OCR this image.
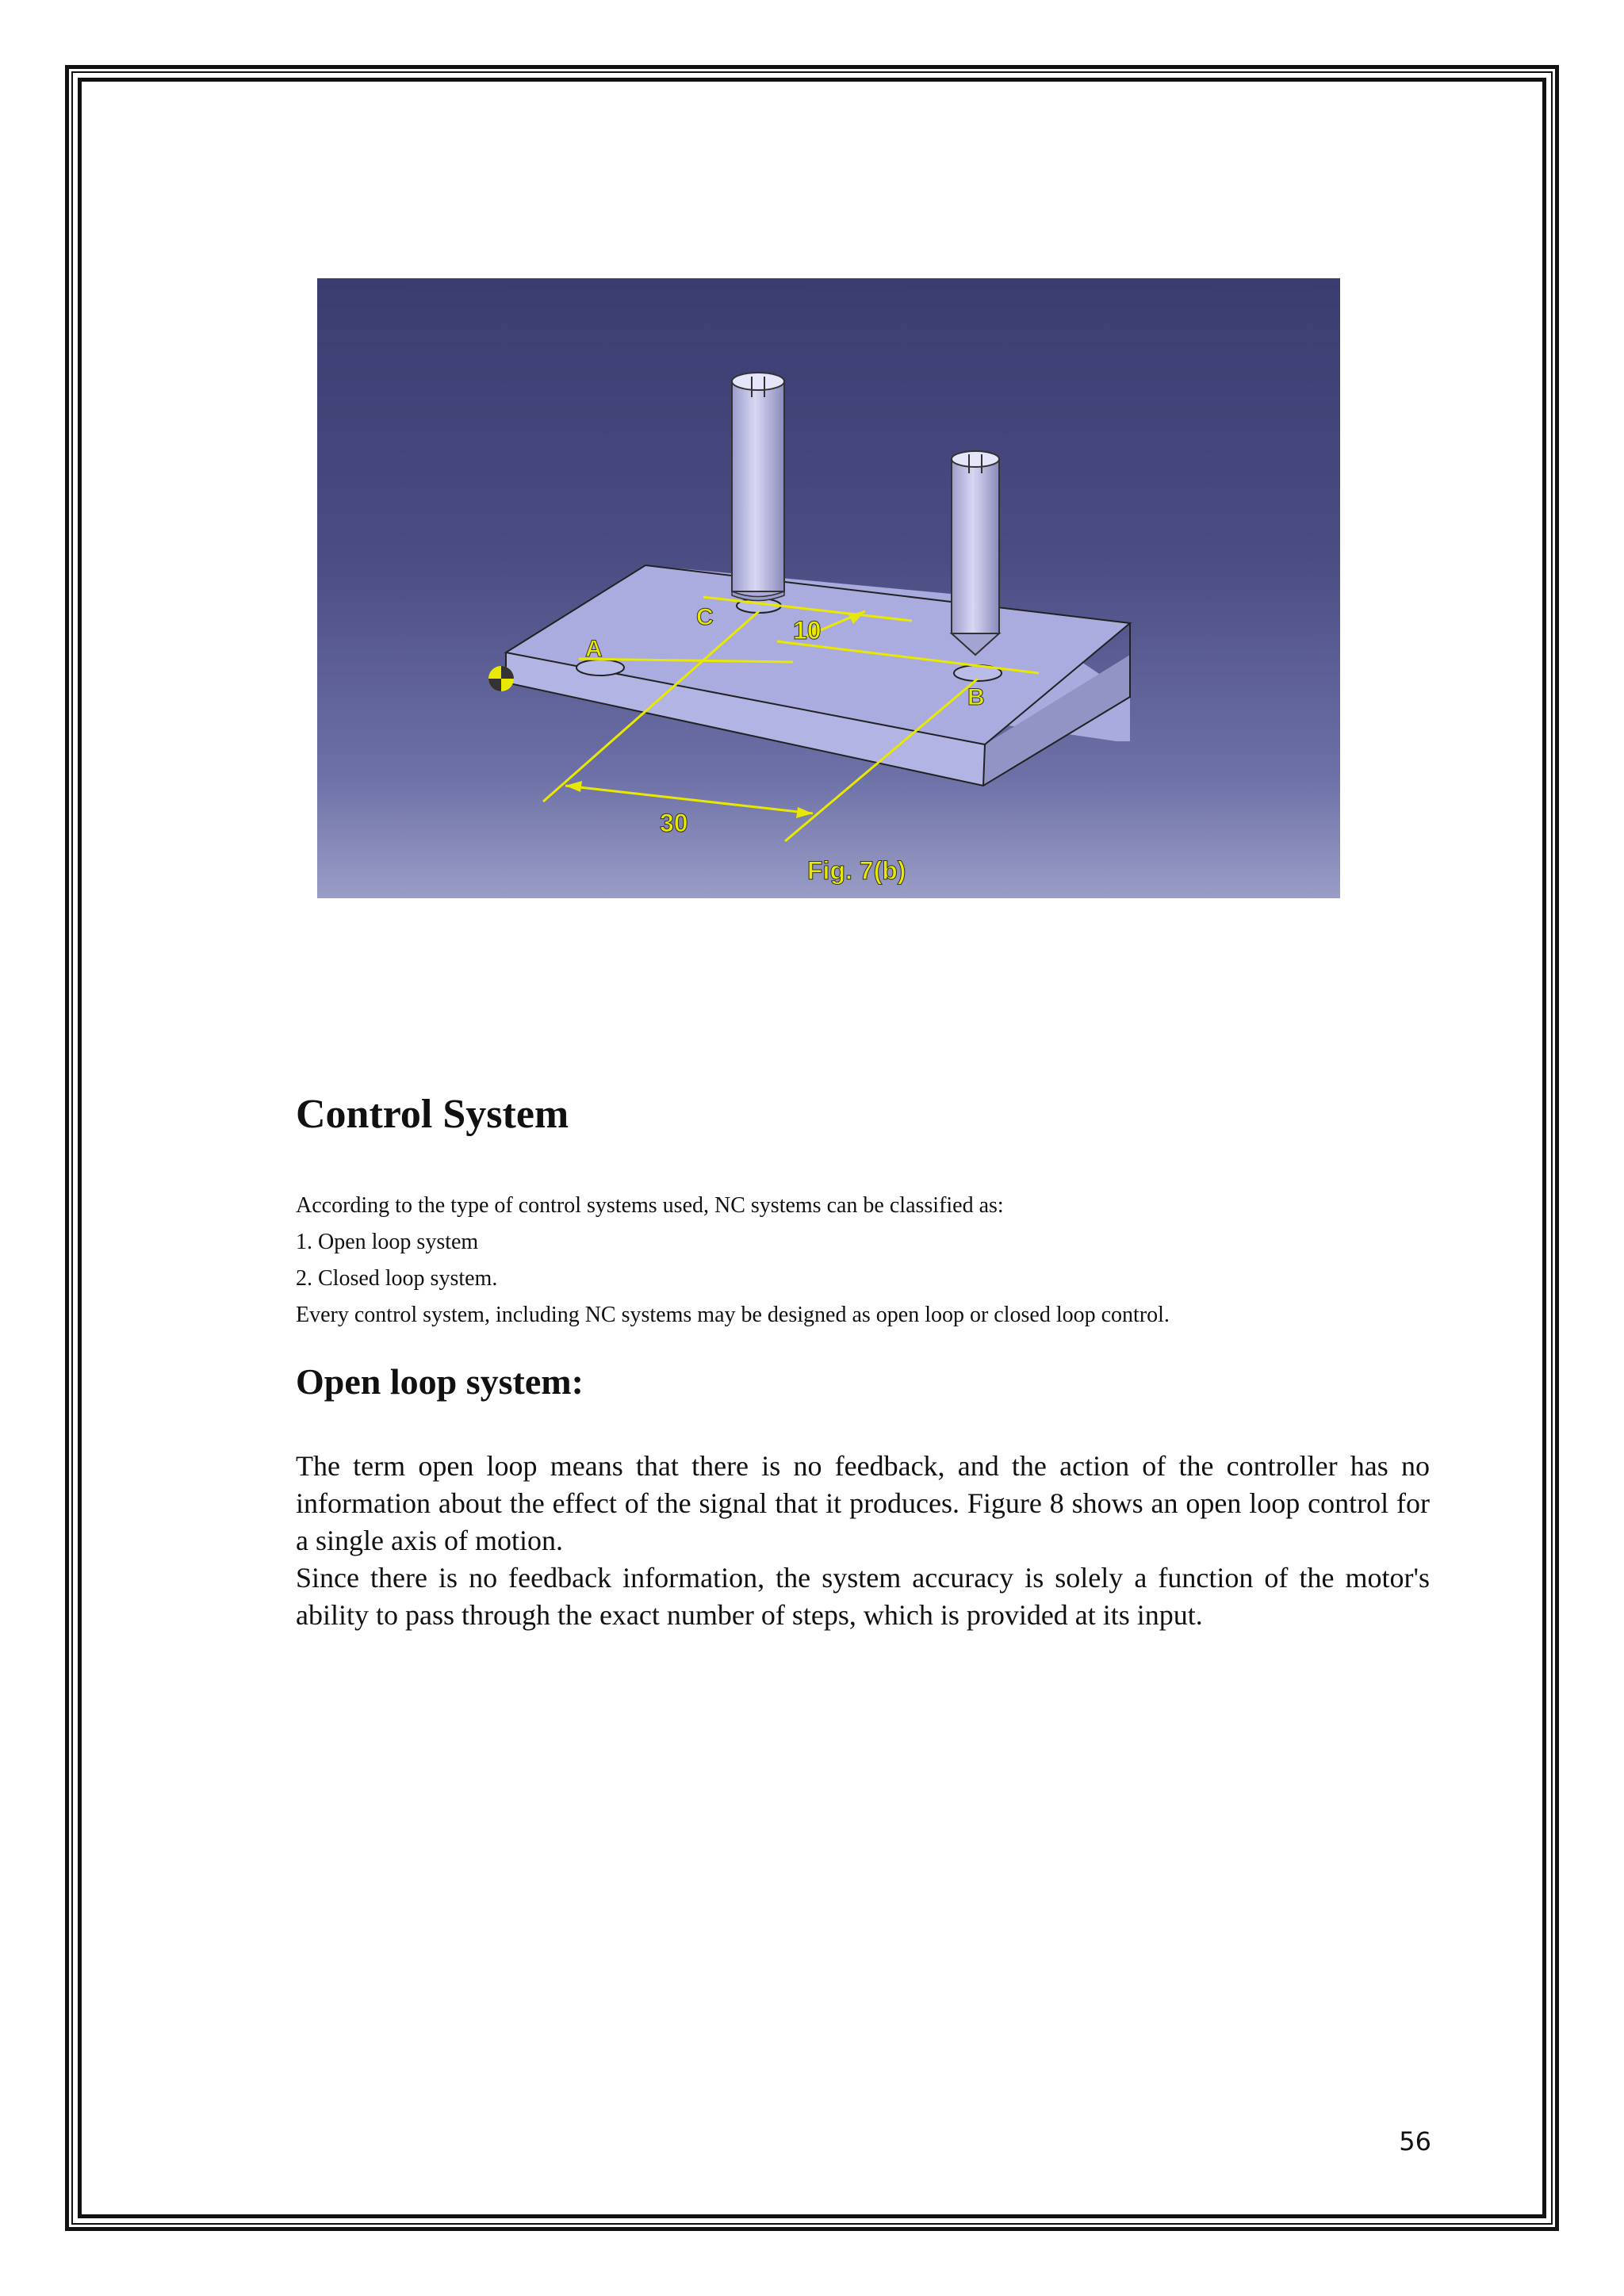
A
C
B
10
30
Fig. 7(b)
Control System

According to the type of control systems used, NC systems can be classified as:

1. Open loop system

2. Closed loop system.

Every control system, including NC systems may be designed as open loop or closed loop control.

Open loop system:

The term open loop means that there is no feedback, and the action of the controller has no information about the effect of the signal that it produces. Figure 8 shows an open loop control for a single axis of motion.

Since there is no feedback information, the system accuracy is solely a function of the motor's ability to pass through the exact number of steps, which is provided at its input.

56
